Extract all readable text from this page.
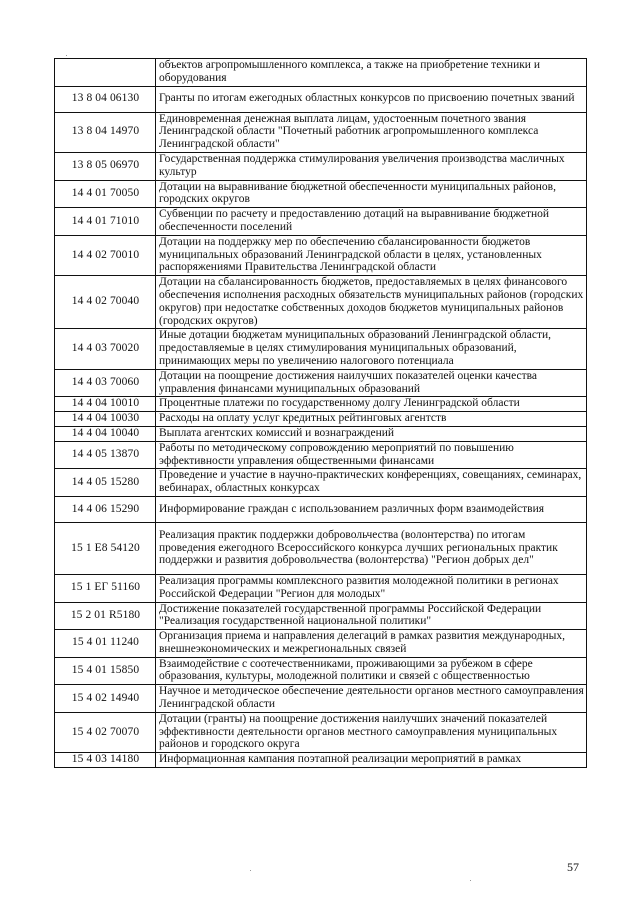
	объектов агропромышленного комплекса, а также на приобретение техники и оборудования
13 8 04 06130	Гранты по итогам ежегодных областных конкурсов по присвоению почетных званий
13 8 04 14970	Единовременная денежная выплата лицам, удостоенным почетного звания Ленинградской области "Почетный работник агропромышленного комплекса Ленинградской области"
13 8 05 06970	Государственная поддержка стимулирования увеличения производства масличных культур
14 4 01 70050	Дотации на выравнивание бюджетной обеспеченности муниципальных районов, городских округов
14 4 01 71010	Субвенции по расчету и предоставлению дотаций на выравнивание бюджетной обеспеченности поселений
14 4 02 70010	Дотации на поддержку мер по обеспечению сбалансированности бюджетов муниципальных образований Ленинградской области в целях, установленных распоряжениями Правительства Ленинградской области
14 4 02 70040	Дотации на сбалансированность бюджетов, предоставляемых в целях финансового обеспечения исполнения расходных обязательств муниципальных районов (городских округов) при недостатке собственных доходов бюджетов муниципальных районов (городских округов)
14 4 03 70020	Иные дотации бюджетам муниципальных образований Ленинградской области, предоставляемые в целях стимулирования муниципальных образований, принимающих меры по увеличению налогового потенциала
14 4 03 70060	Дотации на поощрение достижения наилучших показателей оценки качества управления финансами муниципальных образований
14 4 04 10010	Процентные платежи по государственному долгу Ленинградской области
14 4 04 10030	Расходы на оплату услуг кредитных рейтинговых агентств
14 4 04 10040	Выплата агентских комиссий и вознаграждений
14 4 05 13870	Работы по методическому сопровождению мероприятий по повышению эффективности управления общественными финансами
14 4 05 15280	Проведение и участие в научно-практических конференциях, совещаниях, семинарах, вебинарах, областных конкурсах
14 4 06 15290	Информирование граждан с использованием различных форм взаимодействия
15 1 E8 54120	Реализация практик поддержки добровольчества (волонтерства) по итогам проведения ежегодного Всероссийского конкурса лучших региональных практик поддержки и развития добровольчества (волонтерства) "Регион добрых дел"
15 1 ЕГ 51160	Реализация программы комплексного развития молодежной политики в регионах Российской Федерации "Регион для молодых"
15 2 01 R5180	Достижение показателей государственной программы Российской Федерации "Реализация государственной национальной политики"
15 4 01 11240	Организация приема и направления делегаций в рамках развития международных, внешнеэкономических и межрегиональных связей
15 4 01 15850	Взаимодействие с соотечественниками, проживающими за рубежом в сфере образования, культуры, молодежной политики и связей с общественностью
15 4 02 14940	Научное и методическое обеспечение деятельности органов местного самоуправления Ленинградской области
15 4 02 70070	Дотации (гранты) на поощрение достижения наилучших значений показателей эффективности деятельности органов местного самоуправления муниципальных районов и городского округа
15 4 03 14180	Информационная кампания поэтапной реализации мероприятий в рамках
57
